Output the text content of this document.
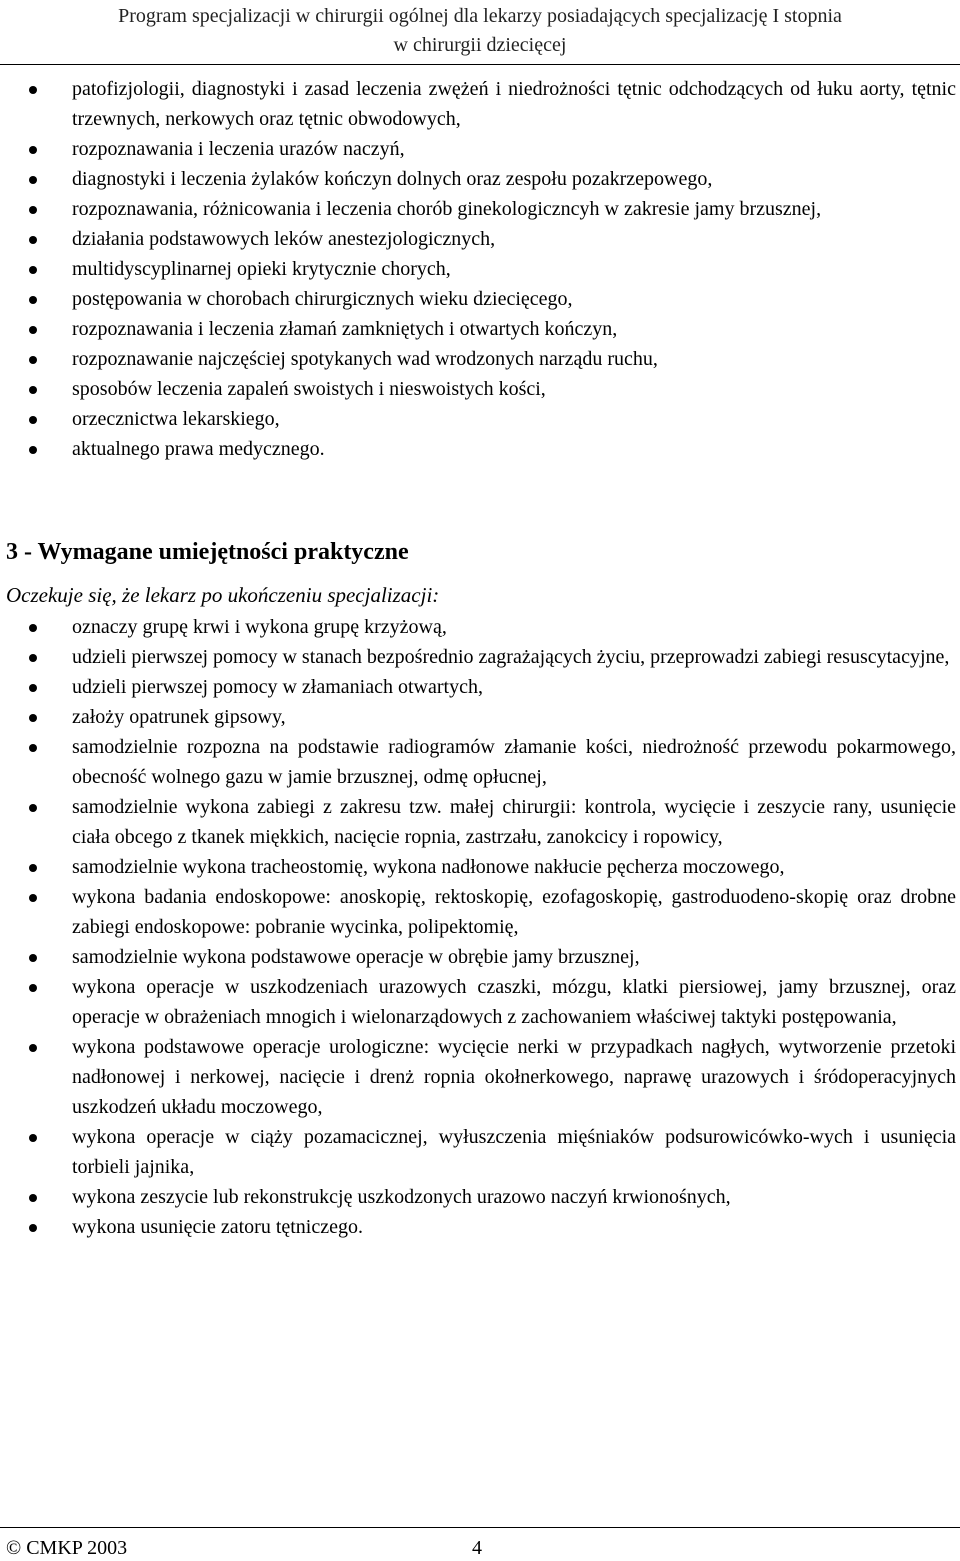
Program specjalizacji w chirurgii ogólnej dla lekarzy posiadających specjalizację I stopnia
w chirurgii dziecięcej
patofizjologii, diagnostyki i zasad leczenia zwężeń i niedrożności tętnic odchodzących od łuku aorty, tętnic trzewnych, nerkowych oraz tętnic obwodowych,
rozpoznawania i leczenia urazów naczyń,
diagnostyki i leczenia żylaków kończyn dolnych oraz zespołu pozakrzepowego,
rozpoznawania, różnicowania i leczenia chorób ginekologiczncyh w zakresie jamy brzusznej,
działania podstawowych leków anestezjologicznych,
multidyscyplinarnej opieki krytycznie chorych,
postępowania w chorobach chirurgicznych wieku dziecięcego,
rozpoznawania i leczenia złamań zamkniętych i otwartych kończyn,
rozpoznawanie najczęściej spotykanych wad wrodzonych narządu ruchu,
sposobów leczenia zapaleń swoistych i nieswoistych kości,
orzecznictwa lekarskiego,
aktualnego prawa medycznego.
3 - Wymagane umiejętności praktyczne
Oczekuje się, że lekarz po ukończeniu specjalizacji:
oznaczy grupę krwi i wykona grupę krzyżową,
udzieli pierwszej pomocy w stanach bezpośrednio zagrażających życiu, przeprowadzi zabiegi resuscytacyjne,
udzieli pierwszej pomocy w złamaniach otwartych,
założy opatrunek gipsowy,
samodzielnie rozpozna na podstawie radiogramów złamanie kości, niedrożność przewodu pokarmowego, obecność wolnego gazu w jamie brzusznej, odmę opłucnej,
samodzielnie wykona zabiegi z zakresu tzw. małej chirurgii: kontrola, wycięcie i zeszycie rany, usunięcie ciała obcego z tkanek miękkich, nacięcie ropnia, zastrzału, zanokcicy i ropowicy,
samodzielnie wykona tracheostomię, wykona nadłonowe nakłucie pęcherza moczowego,
wykona badania endoskopowe: anoskopię, rektoskopię, ezofagoskopię, gastroduodeno-skopię oraz drobne zabiegi endoskopowe: pobranie wycinka, polipektomię,
samodzielnie wykona podstawowe operacje w obrębie jamy brzusznej,
wykona operacje w uszkodzeniach urazowych czaszki, mózgu, klatki piersiowej, jamy brzusznej, oraz operacje w obrażeniach mnogich i wielonarządowych z zachowaniem właściwej taktyki postępowania,
wykona podstawowe operacje urologiczne: wycięcie nerki w przypadkach nagłych, wytworzenie przetoki nadłonowej i nerkowej, nacięcie i drenż ropnia okołnerkowego, naprawę urazowych i śródoperacyjnych uszkodzeń układu moczowego,
wykona operacje w ciąży pozamacicznej, wyłuszczenia mięśniaków podsurowicówko-wych i usunięcia torbieli jajnika,
wykona zeszycie lub rekonstrukcję uszkodzonych urazowo naczyń krwionośnych,
wykona usunięcie zatoru tętniczego.
© CMKP 2003	4
